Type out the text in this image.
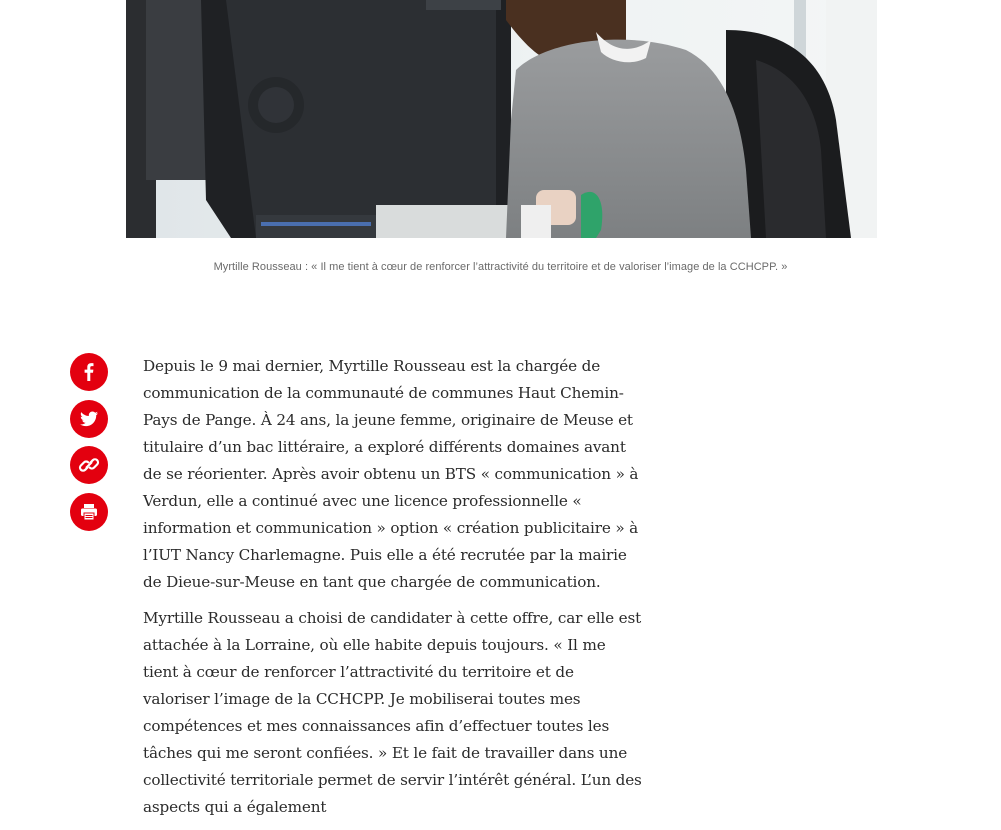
Myrtille Rousseau : « Il me tient à cœur de renforcer l’attractivité du territoire et de valoriser l’image de la CCHCPP. »

Depuis le 9 mai dernier, Myrtille Rousseau est la chargée de communication de la communauté de communes Haut Chemin-Pays de Pange. À 24 ans, la jeune femme, originaire de Meuse et titulaire d’un bac littéraire, a exploré différents domaines avant de se réorienter. Après avoir obtenu un BTS « communication » à Verdun, elle a continué avec une licence professionnelle « information et communication » option « création publicitaire » à l’IUT Nancy Charlemagne. Puis elle a été recrutée par la mairie de Dieue-sur-Meuse en tant que chargée de communication.

Myrtille Rousseau a choisi de candidater à cette offre, car elle est attachée à la Lorraine, où elle habite depuis toujours. « Il me tient à cœur de renforcer l’attractivité du territoire et de valoriser l’image de la CCHCPP. Je mobiliserai toutes mes compétences et mes connaissances afin d’effectuer toutes les tâches qui me seront confiées. » Et le fait de travailler dans une collectivité territoriale permet de servir l’intérêt général. L’un des aspects qui a également
